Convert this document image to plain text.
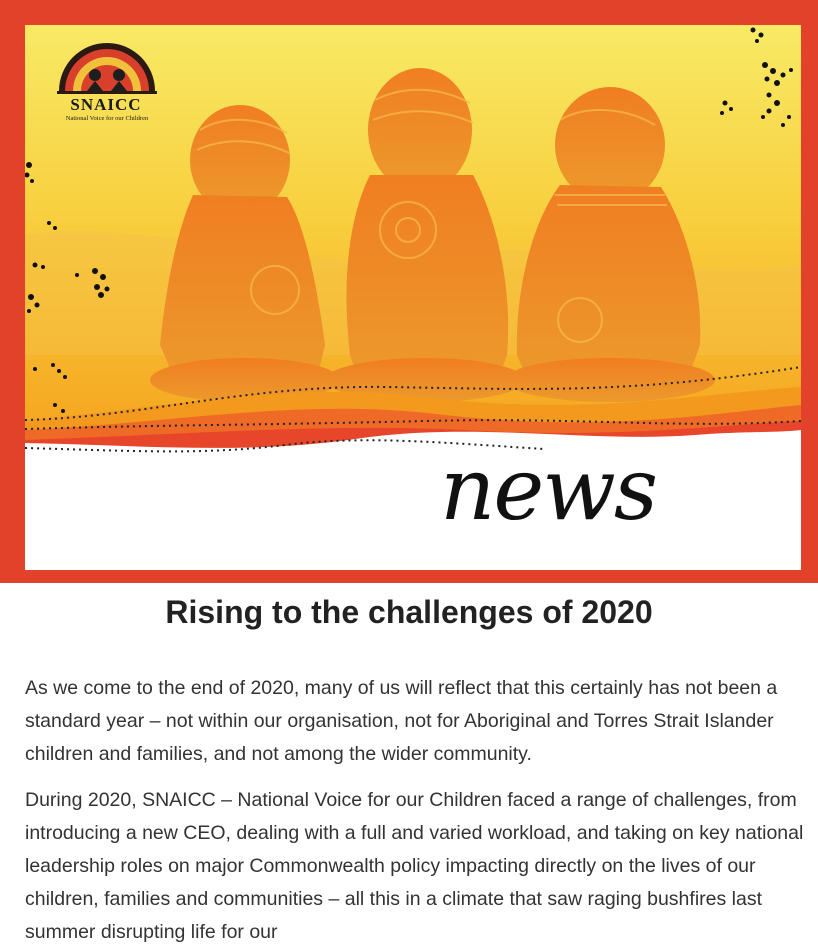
SNAICC
National Voice for our Children
news
Rising to the challenges of 2020

As we come to the end of 2020, many of us will reflect that this certainly has not been a standard year – not within our organisation, not for Aboriginal and Torres Strait Islander children and families, and not among the wider community.

During 2020, SNAICC – National Voice for our Children faced a range of challenges, from introducing a new CEO, dealing with a full and varied workload, and taking on key national leadership roles on major Commonwealth policy impacting directly on the lives of our children, families and communities – all this in a climate that saw raging bushfires last summer disrupting life for our
